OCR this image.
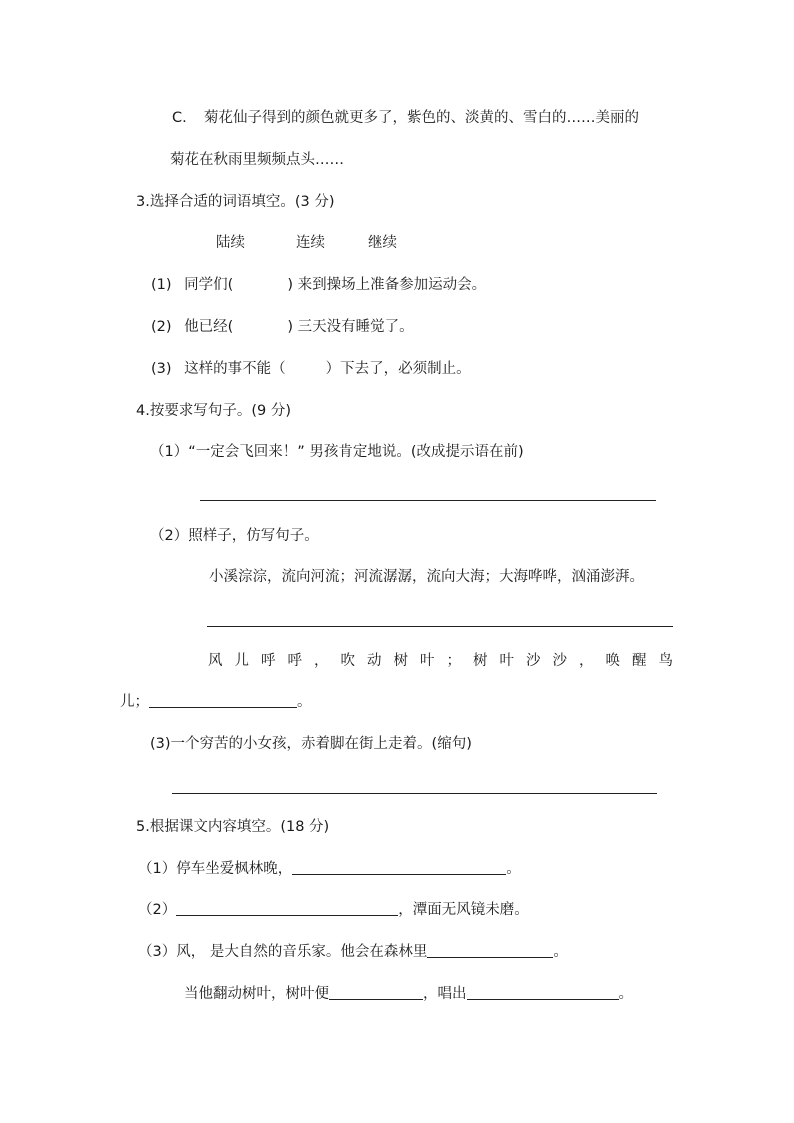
C. 菊花仙子得到的颜色就更多了，紫色的、淡黄的、雪白的……美丽的
菊花在秋雨里频频点头……
3.选择合适的词语填空。(3 分)
陆续	连续	继续
(1) 同学们(	) 来到操场上准备参加运动会。
(2) 他已经(	) 三天没有睡觉了。
(3) 这样的事不能（	）下去了，必须制止。
4.按要求写句子。(9 分)
（1）“一定会飞回来！” 男孩肯定地说。(改成提示语在前)
（2）照样子，仿写句子。
小溪淙淙，流向河流；河流潺潺，流向大海；大海哗哗，汹涌澎湃。
风 儿 呼 呼 ， 吹 动 树 叶 ； 树 叶 沙 沙 ， 唤 醒 鸟
儿；	。
(3)一个穷苦的小女孩，赤着脚在街上走着。(缩句)
5.根据课文内容填空。(18 分)
（1）停车坐爱枫林晚，	。
（2）	，潭面无风镜未磨。
（3）风， 是大自然的音乐家。他会在森林里	。
当他翻动树叶，树叶便	，唱出	。
